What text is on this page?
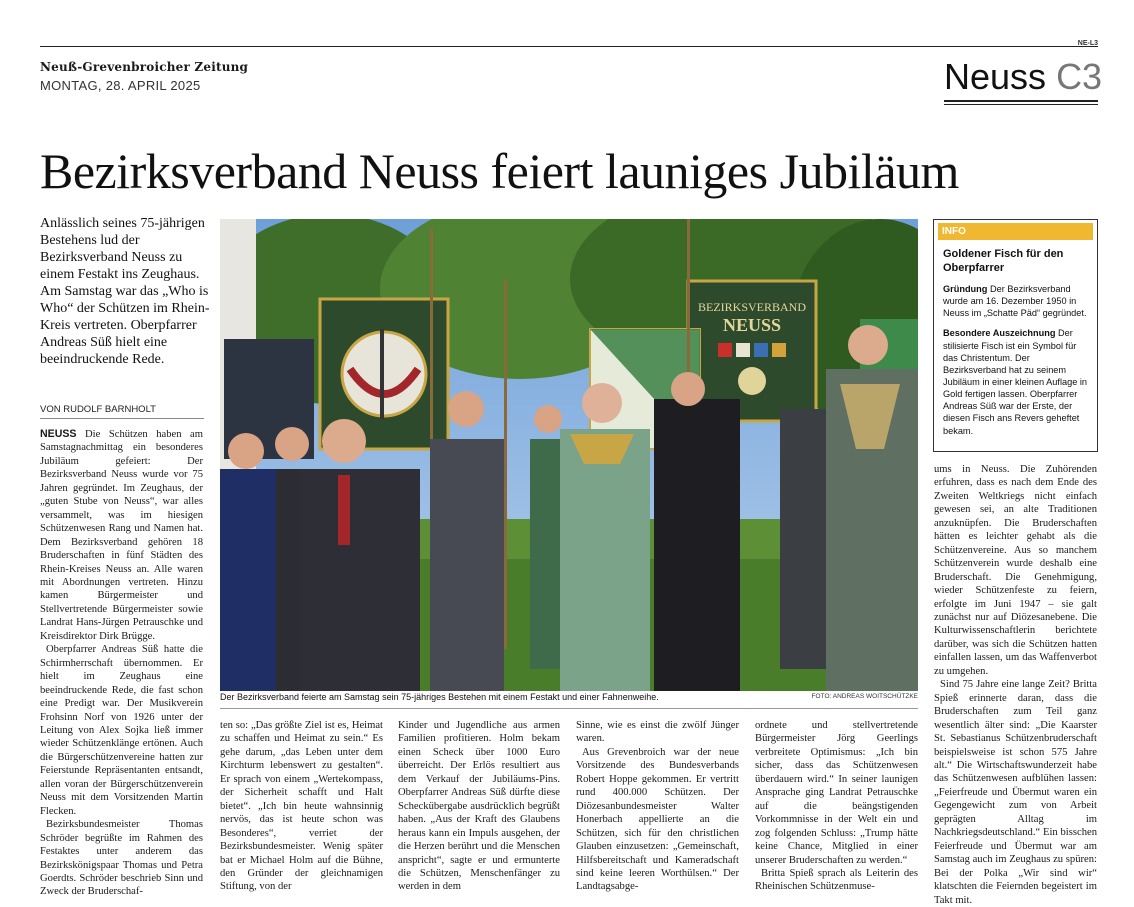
NE-L3
Neuß-Grevenbroicher Zeitung
MONTAG, 28. APRIL 2025	Neuss C3
Bezirksverband Neuss feiert launiges Jubiläum
Anlässlich seines 75-jährigen Bestehens lud der Bezirksverband Neuss zu einem Festakt ins Zeughaus. Am Samstag war das „Who is Who“ der Schützen im Rhein-Kreis vertreten. Oberpfarrer Andreas Süß hielt eine beeindruckende Rede.
VON RUDOLF BARNHOLT

NEUSS Die Schützen haben am Samstagnachmittag ein besonderes Jubiläum gefeiert: Der Bezirksverband Neuss wurde vor 75 Jahren gegründet. Im Zeughaus, der „guten Stube von Neuss“, war alles versammelt, was im hiesigen Schützenwesen Rang und Namen hat. Dem Bezirksverband gehören 18 Bruderschaften in fünf Städten des Rhein-Kreises Neuss an. Alle waren mit Abordnungen vertreten. Hinzu kamen Bürgermeister und Stellvertretende Bürgermeister sowie Landrat Hans-Jürgen Petrauschke und Kreisdirektor Dirk Brügge.

Oberpfarrer Andreas Süß hatte die Schirmherrschaft übernommen. Er hielt im Zeughaus eine beeindruckende Rede, die fast schon eine Predigt war. Der Musikverein Frohsinn Norf von 1926 unter der Leitung von Alex Sojka ließ immer wieder Schützenklänge ertönen. Auch die Bürgerschützenvereine hatten zur Feierstunde Repräsentanten entsandt, allen voran der Bürgerschützenverein Neuss mit dem Vorsitzenden Martin Flecken.

Bezirksbundesmeister Thomas Schröder begrüßte im Rahmen des Festaktes unter anderem das Bezirkskönigspaar Thomas und Petra Goerdts. Schröder beschrieb Sinn und Zweck der Bruderschaf-

BEZIRKSVERBAND
NEUSS
Der Bezirksverband feierte am Samstag sein 75-jähriges Bestehen mit einem Festakt und einer Fahnenweihe.	FOTO: ANDREAS WOITSCHÜTZKE
INFO
Goldener Fisch für den Oberpfarrer

Gründung Der Bezirksverband wurde am 16. Dezember 1950 in Neuss im „Schatte Päd“ gegründet.

Besondere Auszeichnung Der stilisierte Fisch ist ein Symbol für das Christentum. Der Bezirksverband hat zu seinem Jubiläum in einer kleinen Auflage in Gold fertigen lassen. Oberpfarrer Andreas Süß war der Erste, der diesen Fisch ans Revers geheftet bekam.

ten so: „Das größte Ziel ist es, Heimat zu schaffen und Heimat zu sein.“ Es gehe darum, „das Leben unter dem Kirchturm lebenswert zu gestalten“. Er sprach von einem „Wertekompass, der Sicherheit schafft und Halt bietet“. „Ich bin heute wahnsinnig nervös, das ist heute schon was Besonderes“, verriet der Bezirksbundesmeister. Wenig später bat er Michael Holm auf die Bühne, den Gründer der gleichnamigen Stiftung, von der

Kinder und Jugendliche aus armen Familien profitieren. Holm bekam einen Scheck über 1000 Euro überreicht. Der Erlös resultiert aus dem Verkauf der Jubiläums-Pins. Oberpfarrer Andreas Süß dürfte diese Scheckübergabe ausdrücklich begrüßt haben. „Aus der Kraft des Glaubens heraus kann ein Impuls ausgehen, der die Herzen berührt und die Menschen anspricht“, sagte er und ermunterte die Schützen, Menschenfänger zu werden in dem

Sinne, wie es einst die zwölf Jünger waren.

Aus Grevenbroich war der neue Vorsitzende des Bundesverbands Robert Hoppe gekommen. Er vertritt rund 400.000 Schützen. Der Diözesanbundesmeister Walter Honerbach appellierte an die Schützen, sich für den christlichen Glauben einzusetzen: „Gemeinschaft, Hilfsbereitschaft und Kameradschaft sind keine leeren Worthülsen.“ Der Landtagsabge-

ordnete und stellvertretende Bürgermeister Jörg Geerlings verbreitete Optimismus: „Ich bin sicher, dass das Schützenwesen überdauern wird.“ In seiner launigen Ansprache ging Landrat Petrauschke auf die beängstigenden Vorkommnisse in der Welt ein und zog folgenden Schluss: „Trump hätte keine Chance, Mitglied in einer unserer Bruderschaften zu werden.“

Britta Spieß sprach als Leiterin des Rheinischen Schützenmuse-

ums in Neuss. Die Zuhörenden erfuhren, dass es nach dem Ende des Zweiten Weltkriegs nicht einfach gewesen sei, an alte Traditionen anzuknüpfen. Die Bruderschaften hätten es leichter gehabt als die Schützenvereine. Aus so manchem Schützenverein wurde deshalb eine Bruderschaft. Die Genehmigung, wieder Schützenfeste zu feiern, erfolgte im Juni 1947 – sie galt zunächst nur auf Diözesanebene. Die Kulturwissenschaftlerin berichtete darüber, was sich die Schützen hatten einfallen lassen, um das Waffenverbot zu umgehen.

Sind 75 Jahre eine lange Zeit? Britta Spieß erinnerte daran, dass die Bruderschaften zum Teil ganz wesentlich älter sind: „Die Kaarster St. Sebastianus Schützenbruderschaft beispielsweise ist schon 575 Jahre alt.“ Die Wirtschaftswunderzeit habe das Schützenwesen aufblühen lassen: „Feierfreude und Übermut waren ein Gegengewicht zum von Arbeit geprägten Alltag im Nachkriegsdeutschland.“ Ein bisschen Feierfreude und Übermut war am Samstag auch im Zeughaus zu spüren: Bei der Polka „Wir sind wir“ klatschten die Feiernden begeistert im Takt mit.
